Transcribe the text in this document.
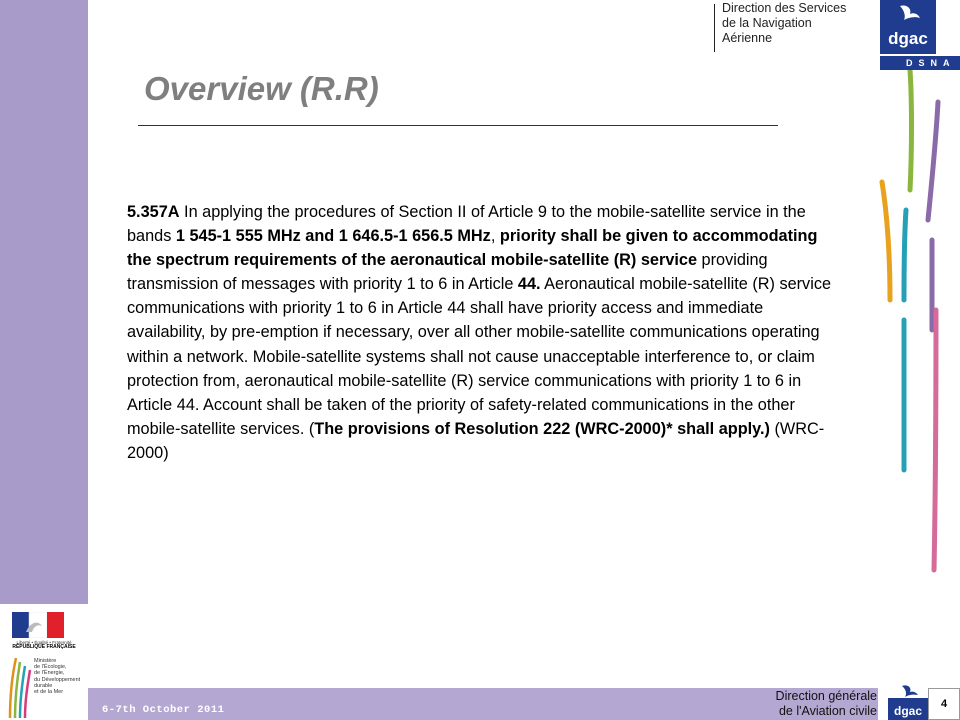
Liberté • Égalité • Fraternité
RÉPUBLIQUE FRANÇAISE
Ministère
de l'Écologie,
de l'Énergie,
du Développement
durable
et de la Mer
Direction des Services
de la Navigation
Aérienne	dgac
DSNA
Overview (R.R)
5.357A In applying the procedures of Section II of Article 9 to the mobile-satellite service in the bands 1 545-1 555 MHz and 1 646.5-1 656.5 MHz, priority shall be given to accommodating the spectrum requirements of the aeronautical mobile-satellite (R) service providing transmission of messages with priority 1 to 6 in Article 44. Aeronautical mobile-satellite (R) service communications with priority 1 to 6 in Article 44 shall have priority access and immediate availability, by pre-emption if necessary, over all other mobile-satellite communications operating within a network. Mobile-satellite systems shall not cause unacceptable interference to, or claim protection from, aeronautical mobile-satellite (R) service communications with priority 1 to 6 in Article 44. Account shall be taken of the priority of safety-related communications in the other mobile-satellite services. (The provisions of Resolution 222 (WRC-2000)* shall apply.) (WRC-2000)
6-7th October 2011
Direction générale
de l'Aviation civile dgac	4
